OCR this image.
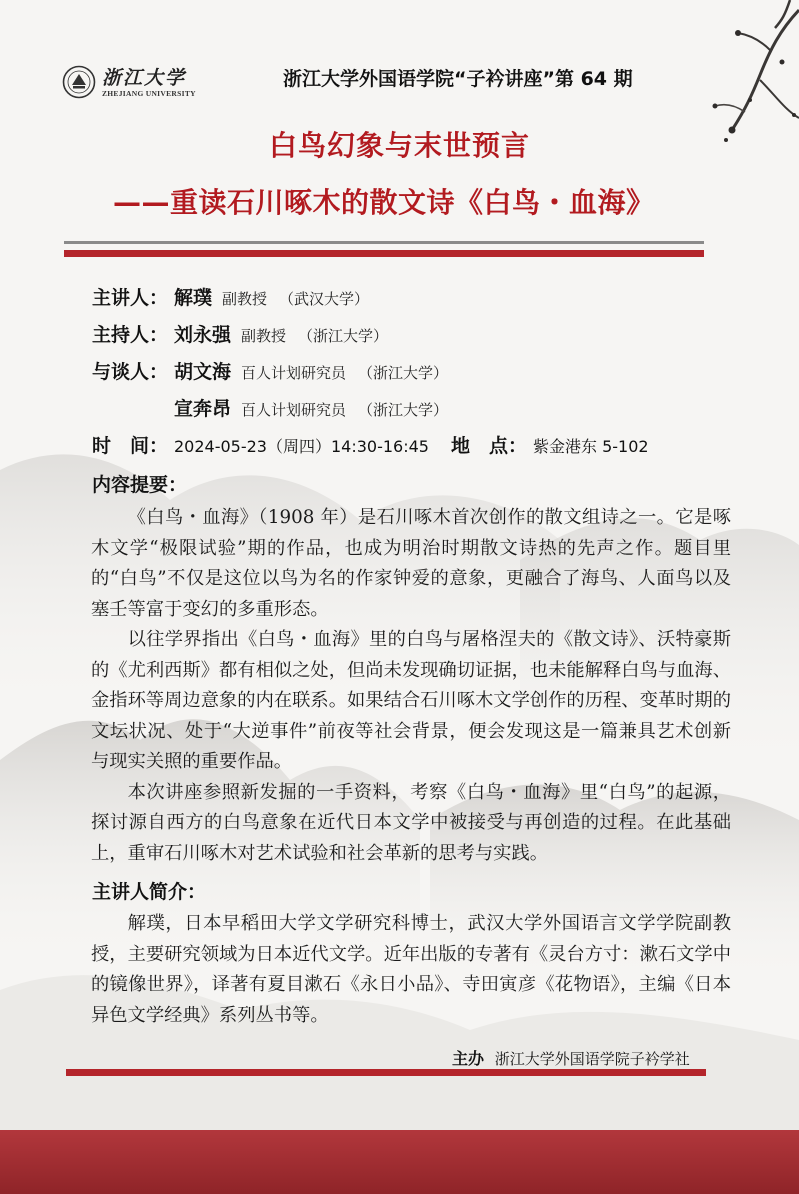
浙江大学
ZHEJIANG UNIVERSITY
浙江大学外国语学院“子衿讲座”第 64 期
白鸟幻象与末世预言
——重读石川啄木的散文诗《白鸟・血海》
主讲人： 解璞 副教授 （武汉大学）
主持人： 刘永强 副教授 （浙江大学）
与谈人： 胡文海 百人计划研究员 （浙江大学）
宣奔昂 百人计划研究员 （浙江大学）
时　间： 2024-05-23（周四）14:30-16:45 地　点： 紫金港东 5-102
内容提要：

《白鸟・血海》（1908 年）是石川啄木首次创作的散文组诗之一。它是啄木文学“极限试验”期的作品，也成为明治时期散文诗热的先声之作。题目里的“白鸟”不仅是这位以鸟为名的作家钟爱的意象，更融合了海鸟、人面鸟以及塞壬等富于变幻的多重形态。

以往学界指出《白鸟・血海》里的白鸟与屠格涅夫的《散文诗》、沃特豪斯的《尤利西斯》都有相似之处，但尚未发现确切证据，也未能解释白鸟与血海、金指环等周边意象的内在联系。如果结合石川啄木文学创作的历程、变革时期的文坛状况、处于“大逆事件”前夜等社会背景，便会发现这是一篇兼具艺术创新与现实关照的重要作品。

本次讲座参照新发掘的一手资料，考察《白鸟・血海》里“白鸟”的起源，探讨源自西方的白鸟意象在近代日本文学中被接受与再创造的过程。在此基础上，重审石川啄木对艺术试验和社会革新的思考与实践。

主讲人简介：

解璞，日本早稻田大学文学研究科博士，武汉大学外国语言文学学院副教授，主要研究领域为日本近代文学。近年出版的专著有《灵台方寸：漱石文学中的镜像世界》，译著有夏目漱石《永日小品》、寺田寅彦《花物语》，主编《日本异色文学经典》系列丛书等。

主办 浙江大学外国语学院子衿学社
